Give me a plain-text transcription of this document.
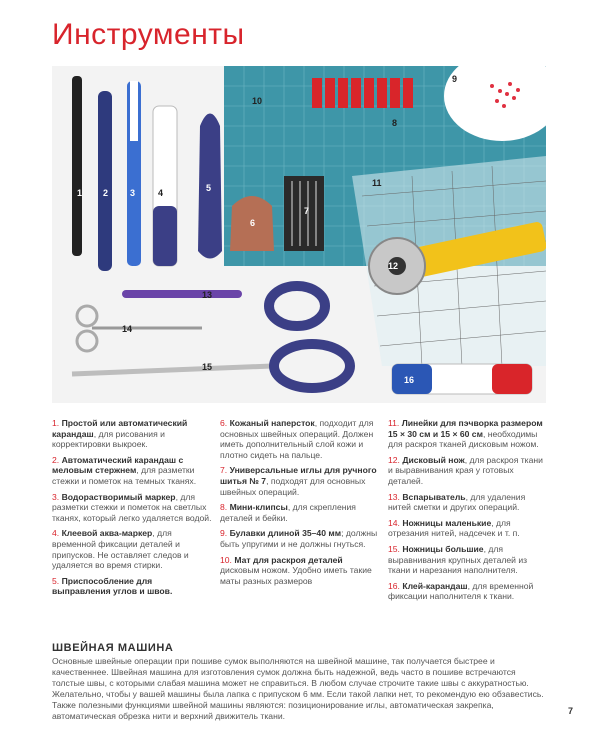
Инструменты
1 2 3	4	5
6
7
8
9
10
11
12
13
14
15
16
1. Простой или автоматический карандаш, для рисования и корректировки выкроек.
2. Автоматический карандаш с меловым стержнем, для разметки стежки и пометок на темных тканях.
3. Водорастворимый маркер, для разметки стежки и пометок на светлых тканях, который легко удаляется водой.
4. Клеевой аква-маркер, для временной фиксации деталей и припусков. Не оставляет следов и удаляется во время стирки.
5. Приспособление для выправления углов и швов.
6. Кожаный наперсток, подходит для основных швейных операций. Должен иметь дополнительный слой кожи и плотно сидеть на пальце.
7. Универсальные иглы для ручного шитья № 7, подходят для основных швейных операций.
8. Мини-клипсы, для скрепления деталей и бейки.
9. Булавки длиной 35–40 мм; должны быть упругими и не должны гнуться.
10. Мат для раскроя деталей дисковым ножом. Удобно иметь такие маты разных размеров
11. Линейки для пэчворка размером 15 × 30 см и 15 × 60 см, необходимы для раскроя тканей дисковым ножом.
12. Дисковый нож, для раскроя ткани и выравнивания края у готовых деталей.
13. Вспарыватель, для удаления нитей сметки и других операций.
14. Ножницы маленькие, для отрезания нитей, надсечек и т. п.
15. Ножницы большие, для выравнивания крупных деталей из ткани и нарезания наполнителя.
16. Клей-карандаш, для временной фиксации наполнителя к ткани.
ШВЕЙНАЯ МАШИНА

Основные швейные операции при пошиве сумок выполняются на швейной машине, так получается быстрее и качественнее. Швейная машина для изготовления сумок должна быть надежной, ведь часто в пошиве встречаются толстые швы, с которыми слабая машина может не справиться. В любом случае строчите такие швы с аккуратностью. Желательно, чтобы у вашей машины была лапка с припуском 6 мм. Если такой лапки нет, то рекомендую ею обзавестись. Также полезными функциями швейной машины являются: позиционирование иглы, автоматическая закрепка, автоматическая обрезка нити и верхний движитель ткани.	7
